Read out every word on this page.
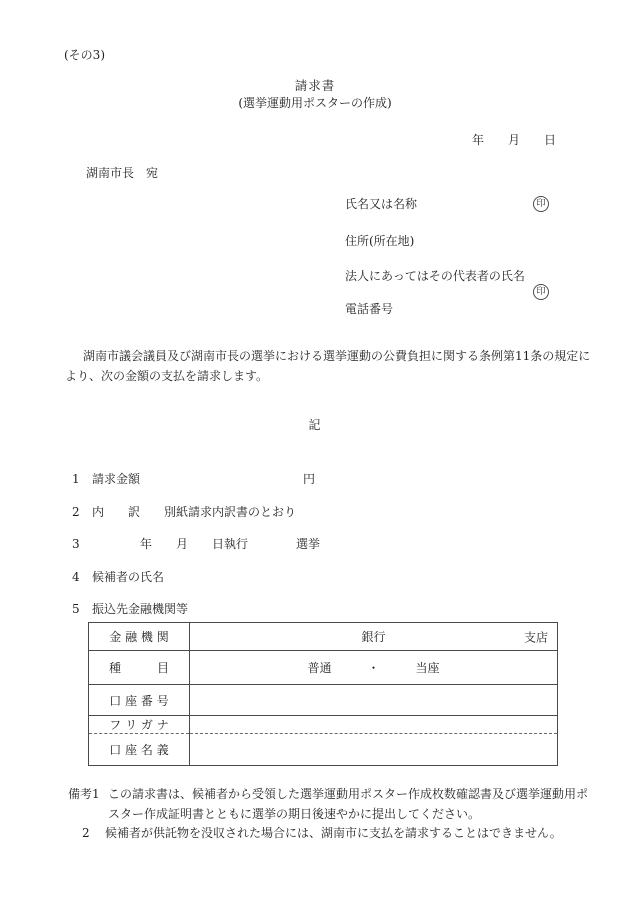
(その3)
請求書
(選挙運動用ポスターの作成)
年　　月　　日
湖南市長　宛
氏名又は名称
住所(所在地)
法人にあってはその代表者の氏名
電話番号
印
印
湖南市議会議員及び湖南市長の選挙における選挙運動の公費負担に関する条例第11条の規定により、次の金額の支払を請求します。
記
1 請求金額	円
2 内　　訳　　別紙請求内訳書のとおり
3　　　　年　　月　　日執行　　　　選挙
4 候補者の氏名
5 振込先金融機関等
金 融 機 関	銀行 支店

種　　　目	普通　　　・　　　当座
口 座 番 号	
フ リ ガ ナ	
口 座 名 義	
備考1 この請求書は、候補者から受領した選挙運動用ポスター作成枚数確認書及び選挙運動用ポスター作成証明書とともに選挙の期日後速やかに提出してください。
2	候補者が供託物を没収された場合には、湖南市に支払を請求することはできません。
